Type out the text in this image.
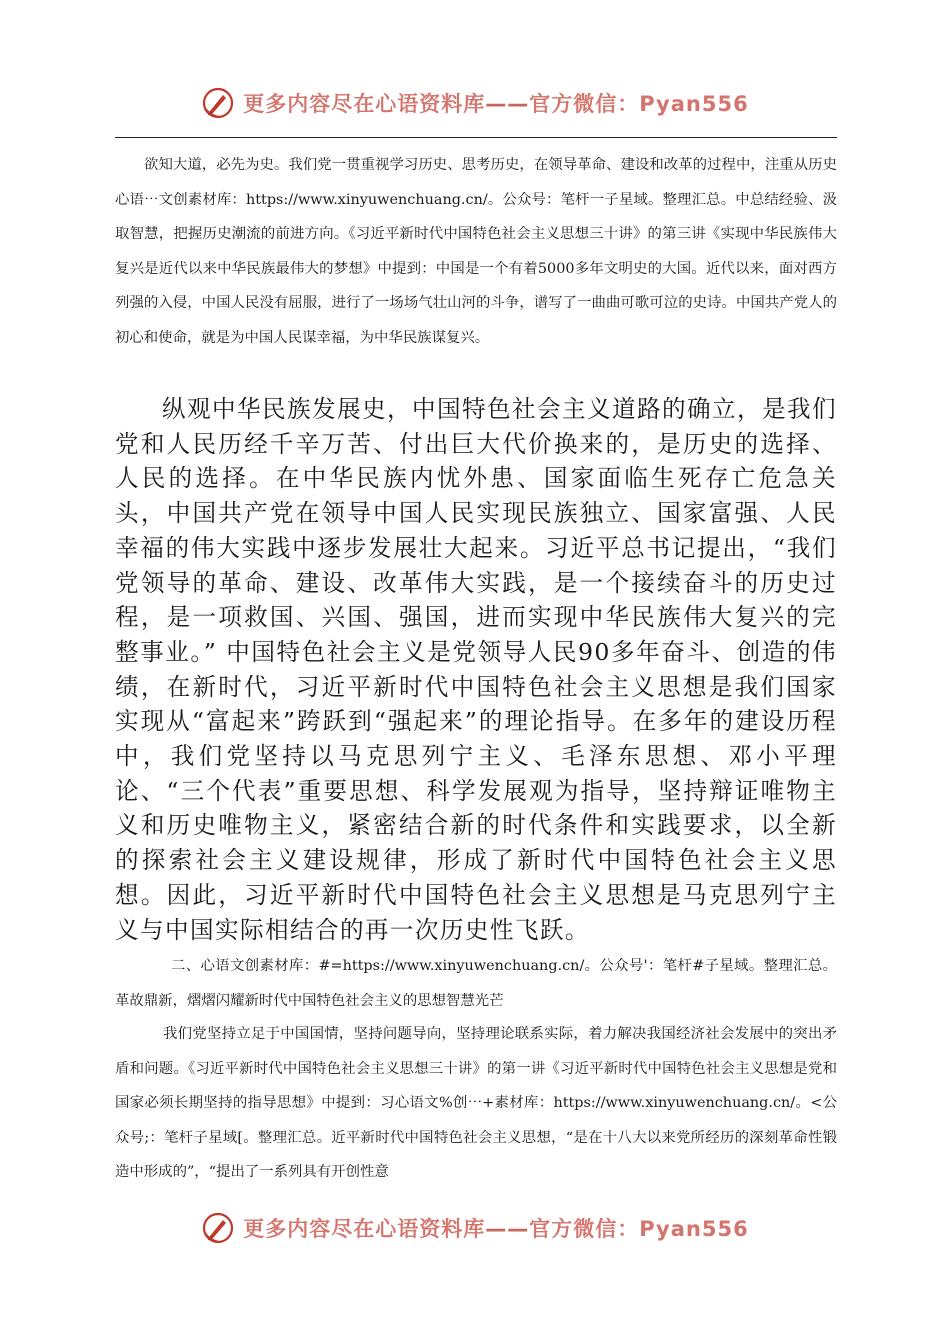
更多内容尽在心语资料库——官方微信：Pyan556

欲知大道，必先为史。我们党一贯重视学习历史、思考历史，在领导革命、建设和改革的过程中，注重从历史心语⋯文创素材库：https://www.xinyuwenchuang.cn/。公众号：笔杆一子星域。整理汇总。中总结经验、汲取智慧，把握历史潮流的前进方向。《习近平新时代中国特色社会主义思想三十讲》的第三讲《实现中华民族伟大复兴是近代以来中华民族最伟大的梦想》中提到：中国是一个有着5000多年文明史的大国。近代以来，面对西方列强的入侵，中国人民没有屈服，进行了一场场气壮山河的斗争，谱写了一曲曲可歌可泣的史诗。中国共产党人的初心和使命，就是为中国人民谋幸福，为中华民族谋复兴。

纵观中华民族发展史，中国特色社会主义道路的确立，是我们党和人民历经千辛万苦、付出巨大代价换来的，是历史的选择、人民的选择。在中华民族内忧外患、国家面临生死存亡危急关头，中国共产党在领导中国人民实现民族独立、国家富强、人民幸福的伟大实践中逐步发展壮大起来。习近平总书记提出，“我们党领导的革命、建设、改革伟大实践，是一个接续奋斗的历史过程，是一项救国、兴国、强国，进而实现中华民族伟大复兴的完整事业。” 中国特色社会主义是党领导人民90多年奋斗、创造的伟绩，在新时代，习近平新时代中国特色社会主义思想是我们国家实现从“富起来”跨跃到“强起来”的理论指导。在多年的建设历程中，我们党坚持以马克思列宁主义、毛泽东思想、邓小平理论、“三个代表”重要思想、科学发展观为指导，坚持辩证唯物主义和历史唯物主义，紧密结合新的时代条件和实践要求，以全新的探索社会主义建设规律，形成了新时代中国特色社会主义思想。因此，习近平新时代中国特色社会主义思想是马克思列宁主义与中国实际相结合的再一次历史性飞跃。

二、心语文创素材库：#=https://www.xinyuwenchuang.cn/。公众号'：笔杆#子星域。整理汇总。革故鼎新，熠熠闪耀新时代中国特色社会主义的思想智慧光芒

我们党坚持立足于中国国情，坚持问题导向，坚持理论联系实际，着力解决我国经济社会发展中的突出矛盾和问题。《习近平新时代中国特色社会主义思想三十讲》的第一讲《习近平新时代中国特色社会主义思想是党和国家必须长期坚持的指导思想》中提到：习心语文%创⋯+素材库：https://www.xinyuwenchuang.cn/。<公众号;：笔杆子星域[。整理汇总。近平新时代中国特色社会主义思想，“是在十八大以来党所经历的深刻革命性锻造中形成的”，“提出了一系列具有开创性意

更多内容尽在心语资料库——官方微信：Pyan556
